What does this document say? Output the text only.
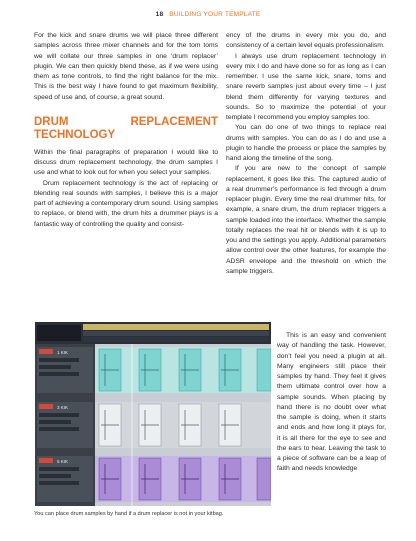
18 BUILDING YOUR TEMPLATE

For the kick and snare drums we will place three different samples across three mixer channels and for the tom toms we will collate our three samples in one ‘drum replacer’ plugin. We can then quickly blend these, as if we were using them as tone controls, to find the right balance for the mix. This is the best way I have found to get maximum flexibility, speed of use and, of course, a great sound.

DRUM REPLACEMENT TECHNOLOGY

Within the final paragraphs of preparation I would like to discuss drum replacement technology, the drum samples I use and what to look out for when you select your samples.

Drum replacement technology is the act of replacing or blending real sounds with samples, I believe this is a major part of achieving a contemporary drum sound. Using samples to replace, or blend with, the drum hits a drummer plays is a fantastic way of controlling the quality and consist-

ency of the drums in every mix you do, and consistency of a certain level equals professionalism.

I always use drum replacement technology in every mix I do and have done so for as long as I can remember. I use the same kick, snare, toms and snare reverb samples just about every time – I just blend them differently for varying textures and sounds. So to maximize the potential of your template I recommend you employ samples too.

You can do one of two things to replace real drums with samples. You can do as I do and use a plugin to handle the process or place the samples by hand along the timeline of the song.

If you are new to the concept of sample replacement, it goes like this. The captured audio of a real drummer’s performance is fed through a drum replacer plugin. Every time the real drummer hits, for example, a snare drum, the drum replacer triggers a sample loaded into the interface. Whether the sample totally replaces the real hit or blends with it is up to you and the settings you apply. Additional parameters allow control over the other features, for example the ADSR envelope and the threshold on which the sample triggers.

This is an easy and convenient way of handling the task. However, don’t feel you need a plugin at all. Many engineers still place their samples by hand. They feel it gives them ultimate control over how a sample sounds. When placing by hand there is no doubt over what the sample is doing, when it starts and ends and how long it plays for, it is all there for the eye to see and the ears to hear. Leaving the task to a piece of software can be a leap of faith and needs knowledge

1 KIK
3 KIK
5 KIK
You can place drum samples by hand if a drum replacer is not in your kitbag.
